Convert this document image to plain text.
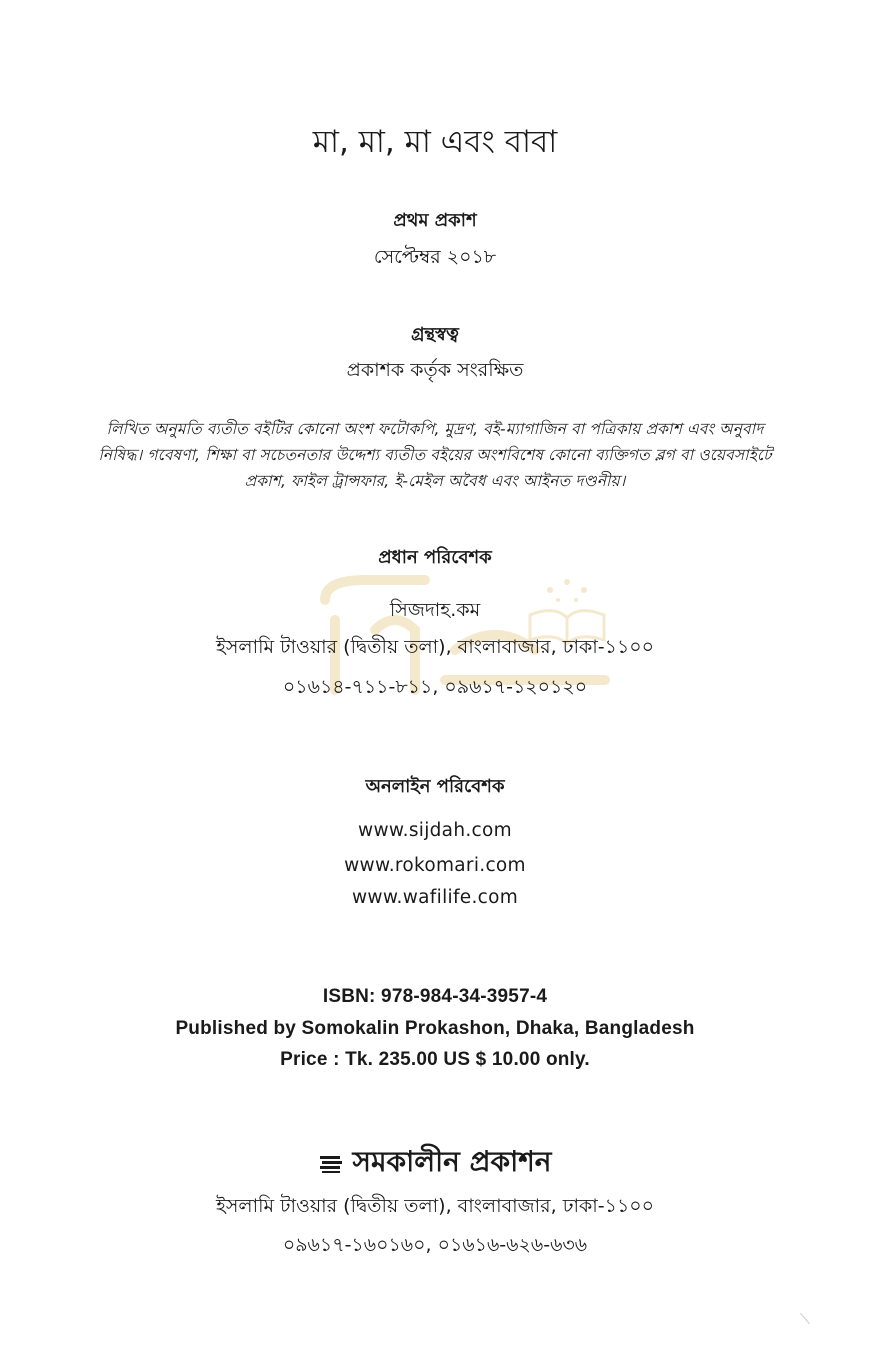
মা, মা, মা এবং বাবা
প্রথম প্রকাশ
সেপ্টেম্বর ২০১৮
গ্রন্থস্বত্ব
প্রকাশক কর্তৃক সংরক্ষিত
লিখিত অনুমতি ব্যতীত বইটির কোনো অংশ ফটোকপি, মুদ্রণ, বই-ম্যাগাজিন বা পত্রিকায় প্রকাশ এবং অনুবাদ
নিষিদ্ধ। গবেষণা, শিক্ষা বা সচেতনতার উদ্দেশ্য ব্যতীত বইয়ের অংশবিশেষ কোনো ব্যক্তিগত ব্লগ বা ওয়েবসাইটে
প্রকাশ, ফাইল ট্রান্সফার, ই-মেইল অবৈধ এবং আইনত দণ্ডনীয়।
প্রধান পরিবেশক
সিজদাহ.কম
ইসলামি টাওয়ার (দ্বিতীয় তলা), বাংলাবাজার, ঢাকা-১১০০
০১৬১৪-৭১১-৮১১, ০৯৬১৭-১২০১২০
অনলাইন পরিবেশক
www.sijdah.com
www.rokomari.com
www.wafilife.com
ISBN: 978-984-34-3957-4
Published by Somokalin Prokashon, Dhaka, Bangladesh
Price : Tk. 235.00 US $ 10.00 only.
সমকালীন প্রকাশন
ইসলামি টাওয়ার (দ্বিতীয় তলা), বাংলাবাজার, ঢাকা-১১০০
০৯৬১৭-১৬০১৬০, ০১৬১৬-৬২৬-৬৩৬
